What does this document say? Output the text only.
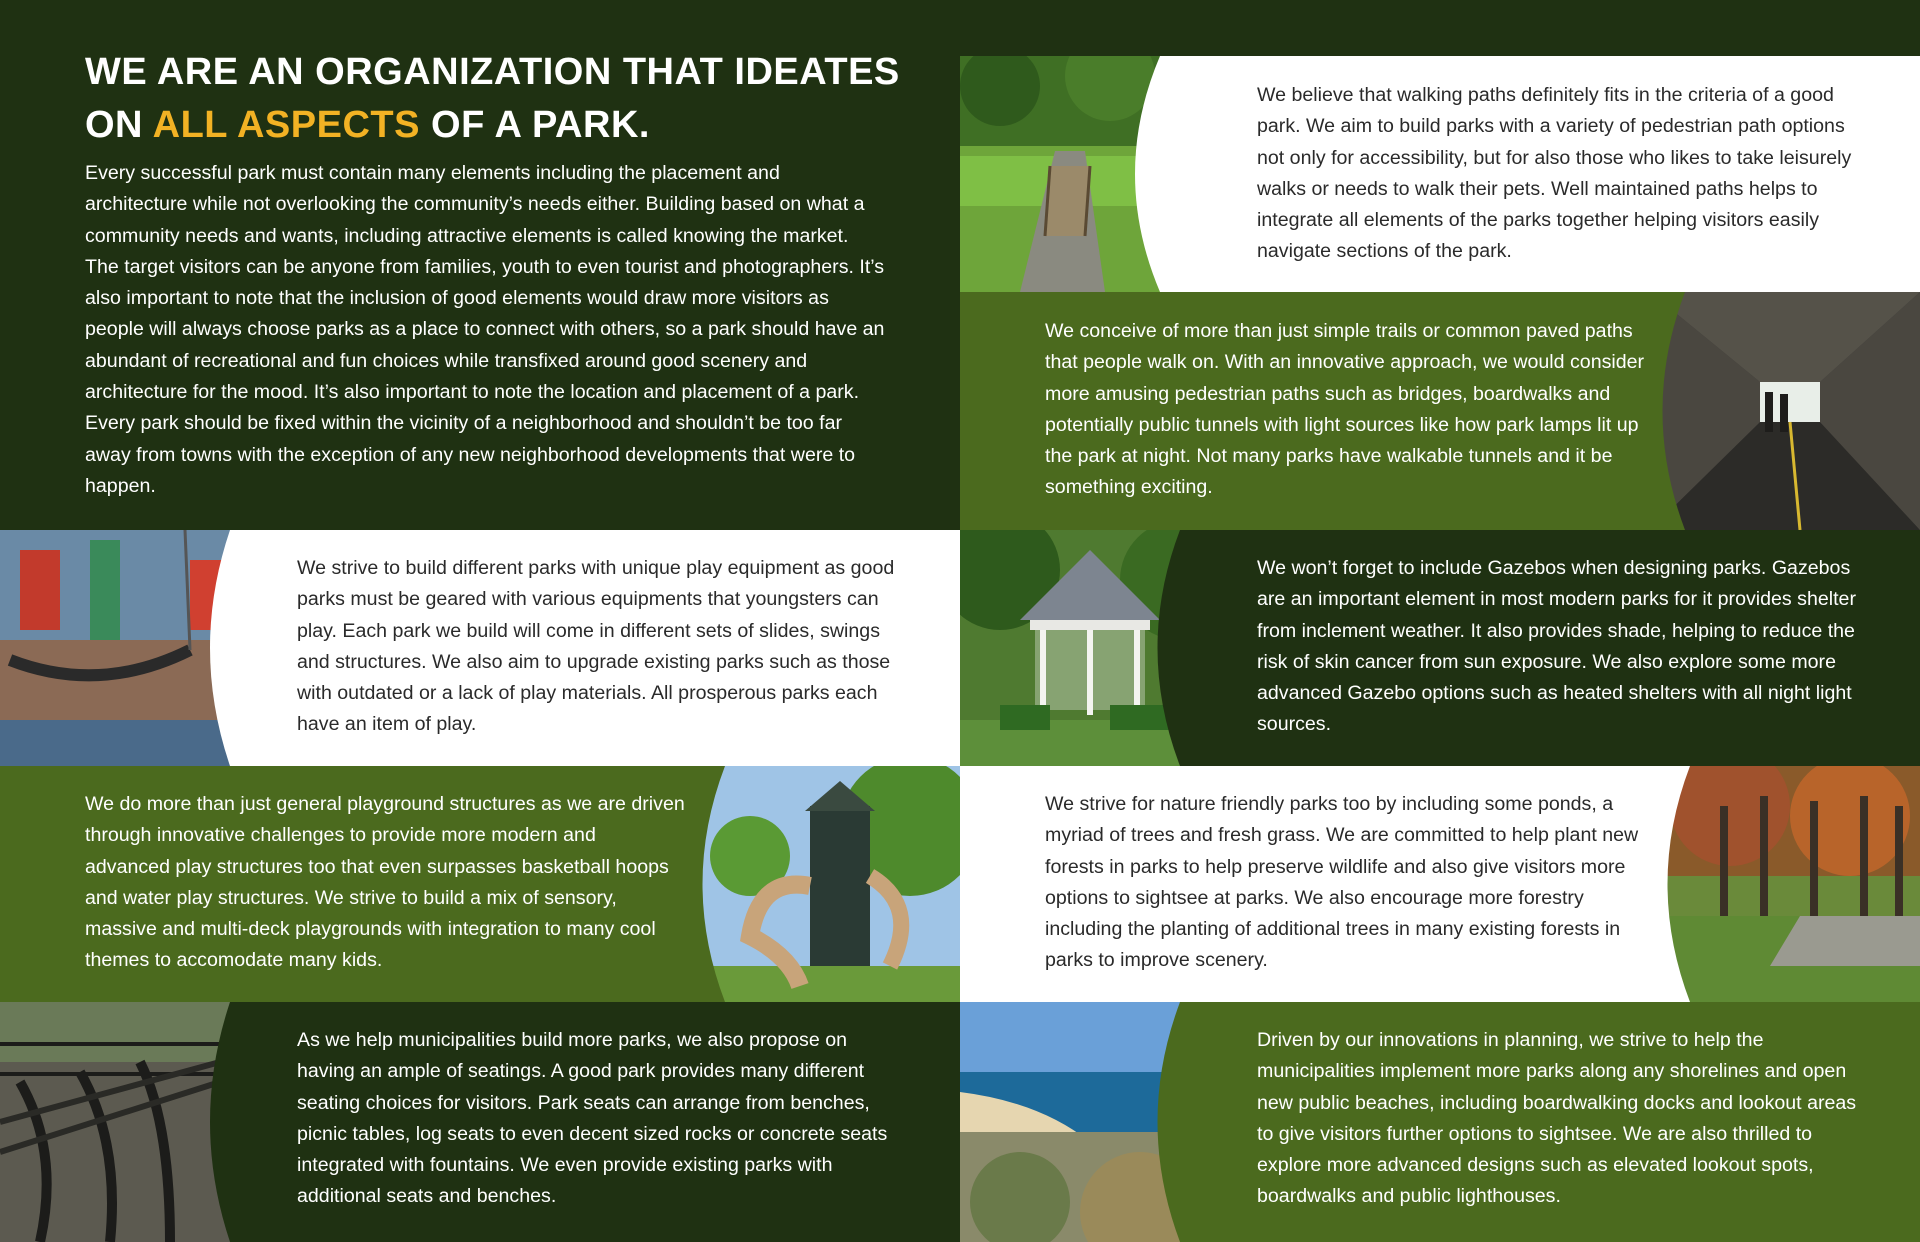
WE ARE AN ORGANIZATION THAT IDEATES
ON ALL ASPECTS OF A PARK.

Every successful park must contain many elements including the placement and architecture while not overlooking the community’s needs either. Building based on what a community needs and wants, including attractive elements is called knowing the market. The target visitors can be anyone from families, youth to even tourist and photographers. It’s also important to note that the inclusion of good elements would draw more visitors as people will always choose parks as a place to connect with others, so a park should have an abundant of recreational and fun choices while transfixed around good scenery and architecture for the mood. It’s also important to note the location and placement of a park. Every park should be fixed within the vicinity of a neighborhood and shouldn’t be too far away from towns with the exception of any new neighborhood developments that were to happen.

We believe that walking paths definitely fits in the criteria of a good park. We aim to build parks with a variety of pedestrian path options not only for accessibility, but for also those who likes to take leisurely walks or needs to walk their pets. Well maintained paths helps to integrate all elements of the parks together helping visitors easily navigate sections of the park.

We conceive of more than just simple trails or common paved paths that people walk on. With an innovative approach, we would consider more amusing pedestrian paths such as bridges, boardwalks and potentially public tunnels with light sources like how park lamps lit up the park at night. Not many parks have walkable tunnels and it be something exciting.

We strive to build different parks with unique play equipment as good parks must be geared with various equipments that youngsters can play. Each park we build will come in different sets of slides, swings and structures. We also aim to upgrade existing parks such as those with outdated or a lack of play materials. All prosperous parks each have an item of play.

We won’t forget to include Gazebos when designing parks. Gazebos are an important element in most modern parks for it provides shelter from inclement weather. It also provides shade, helping to reduce the risk of skin cancer from sun exposure. We also explore some more advanced Gazebo options such as heated shelters with all night light sources.

We do more than just general playground structures as we are driven through innovative challenges to provide more modern and advanced play structures too that even surpasses basketball hoops and water play structures. We strive to build a mix of sensory, massive and multi-deck playgrounds with integration to many cool themes to accomodate many kids.

We strive for nature friendly parks too by including some ponds, a myriad of trees and fresh grass. We are committed to help plant new forests in parks to help preserve wildlife and also give visitors more options to sightsee at parks. We also encourage more forestry including the planting of additional trees in many existing forests in parks to improve scenery.

As we help municipalities build more parks, we also propose on having an ample of seatings. A good park provides many different seating choices for visitors. Park seats can arrange from benches, picnic tables, log seats to even decent sized rocks or concrete seats integrated with fountains. We even provide existing parks with additional seats and benches.

Driven by our innovations in planning, we strive to help the municipalities implement more parks along any shorelines and open new public beaches, including boardwalking docks and lookout areas to give visitors further options to sightsee. We are also thrilled to explore more advanced designs such as elevated lookout spots, boardwalks and public lighthouses.
